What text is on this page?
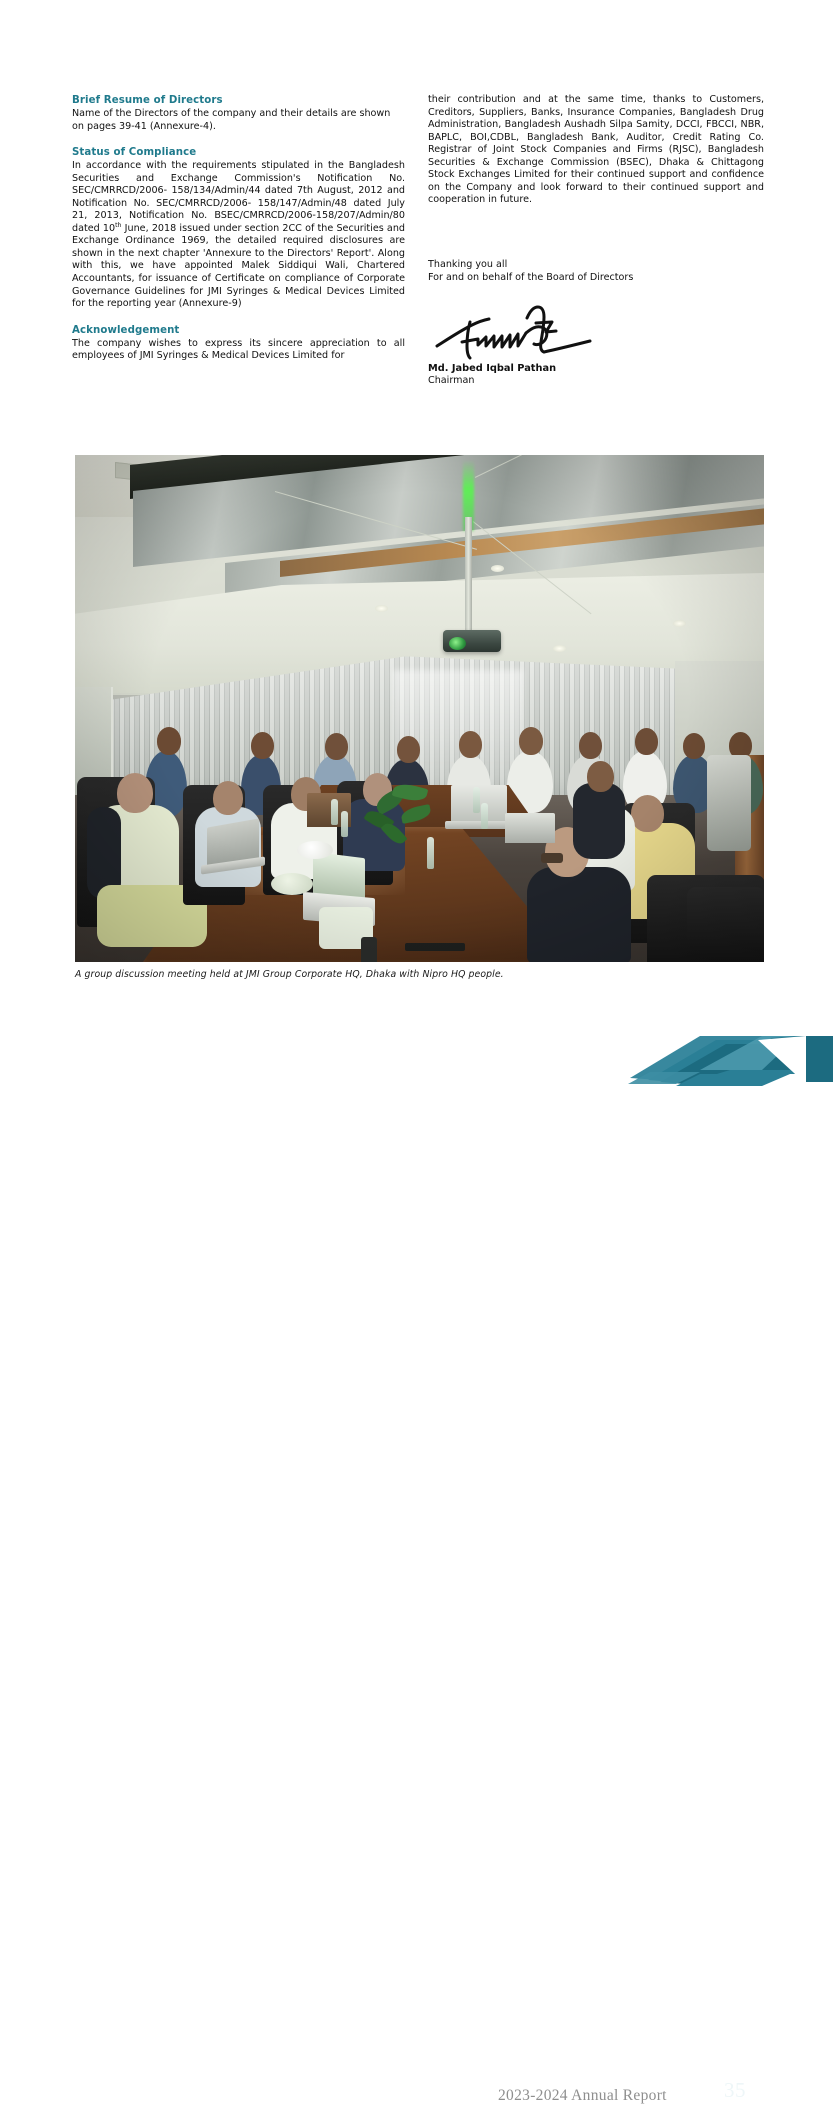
Brief Resume of Directors

Name of the Directors of the company and their details are shown on pages 39-41 (Annexure-4).

Status of Compliance

In accordance with the requirements stipulated in the Bangladesh Securities and Exchange Commission's Notification No. SEC/CMRRCD/2006- 158/134/Admin/44 dated 7th August, 2012 and Notification No. SEC/CMRRCD/2006- 158/147/Admin/48 dated July 21, 2013, Notification No. BSEC/CMRRCD/2006-158/207/Admin/80 dated 10th June, 2018 issued under section 2CC of the Securities and Exchange Ordinance 1969, the detailed required disclosures are shown in the next chapter 'Annexure to the Directors' Report'. Along with this, we have appointed Malek Siddiqui Wali, Chartered Accountants, for issuance of Certificate on compliance of Corporate Governance Guidelines for JMI Syringes & Medical Devices Limited for the reporting year (Annexure-9)

Acknowledgement

The company wishes to express its sincere appreciation to all employees of JMI Syringes & Medical Devices Limited for

their contribution and at the same time, thanks to Customers, Creditors, Suppliers, Banks, Insurance Companies, Bangladesh Drug Administration, Bangladesh Aushadh Silpa Samity, DCCI, FBCCI, NBR, BAPLC, BOI,CDBL, Bangladesh Bank, Auditor, Credit Rating Co. Registrar of Joint Stock Companies and Firms (RJSC), Bangladesh Securities & Exchange Commission (BSEC), Dhaka & Chittagong Stock Exchanges Limited for their continued support and confidence on the Company and look forward to their continued support and cooperation in future.

Thanking you all
For and on behalf of the Board of Directors
Md. Jabed Iqbal Pathan
Chairman
A group discussion meeting held at JMI Group Corporate HQ, Dhaka with Nipro HQ people.
2023-2024 Annual Report	35
